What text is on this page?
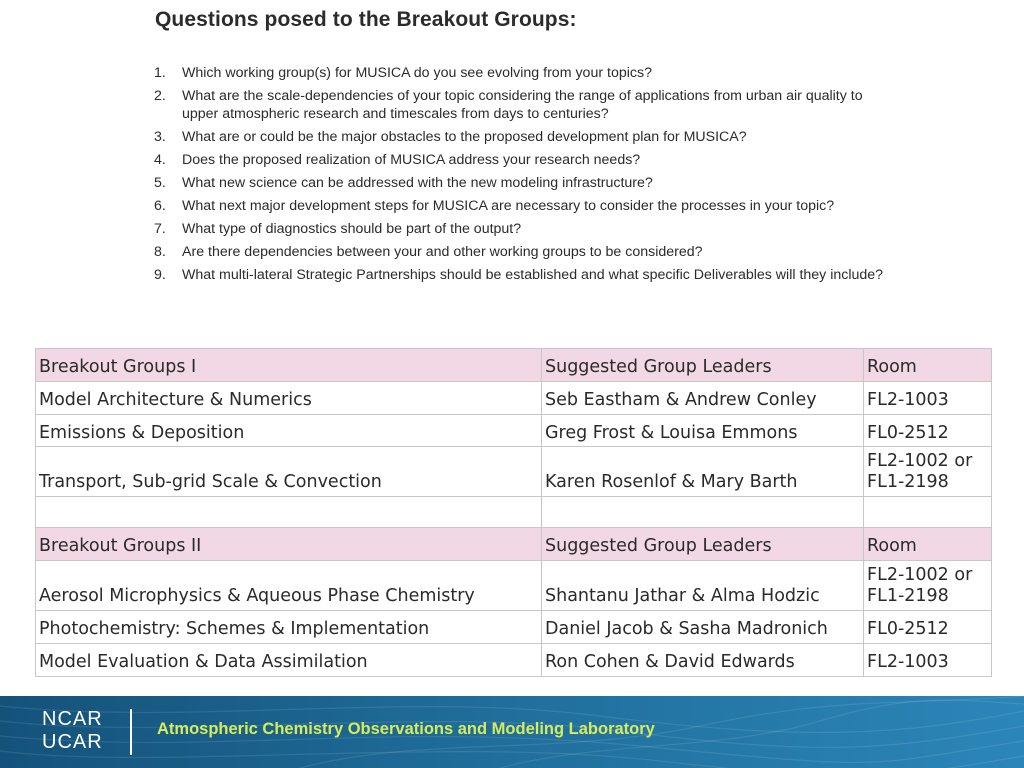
Questions posed to the Breakout Groups:
1.	Which working group(s) for MUSICA do you see evolving from your topics?
2.	What are the scale-dependencies of your topic considering the range of applications from urban air quality to upper atmospheric research and timescales from days to centuries?
3.	What are or could be the major obstacles to the proposed development plan for MUSICA?
4.	Does the proposed realization of MUSICA address your research needs?
5.	What new science can be addressed with the new modeling infrastructure?
6.	What next major development steps for MUSICA are necessary to consider the processes in your topic?
7.	What type of diagnostics should be part of the output?
8.	Are there dependencies between your and other working groups to be considered?
9.	What multi-lateral Strategic Partnerships should be established and what specific Deliverables will they include?
Breakout Groups I	Suggested Group Leaders	Room
Model Architecture & Numerics	Seb Eastham & Andrew Conley	FL2-1003
Emissions & Deposition	Greg Frost & Louisa Emmons	FL0-2512
Transport, Sub-grid Scale & Convection	Karen Rosenlof & Mary Barth	FL2-1002 or
FL1-2198

Breakout Groups II	Suggested Group Leaders	Room
Aerosol Microphysics & Aqueous Phase Chemistry	Shantanu Jathar & Alma Hodzic	FL2-1002 or
FL1-2198

Photochemistry: Schemes & Implementation	Daniel Jacob & Sasha Madronich	FL0-2512
Model Evaluation & Data Assimilation	Ron Cohen & David Edwards	FL2-1003
NCAR
UCAR
Atmospheric Chemistry Observations and Modeling Laboratory
